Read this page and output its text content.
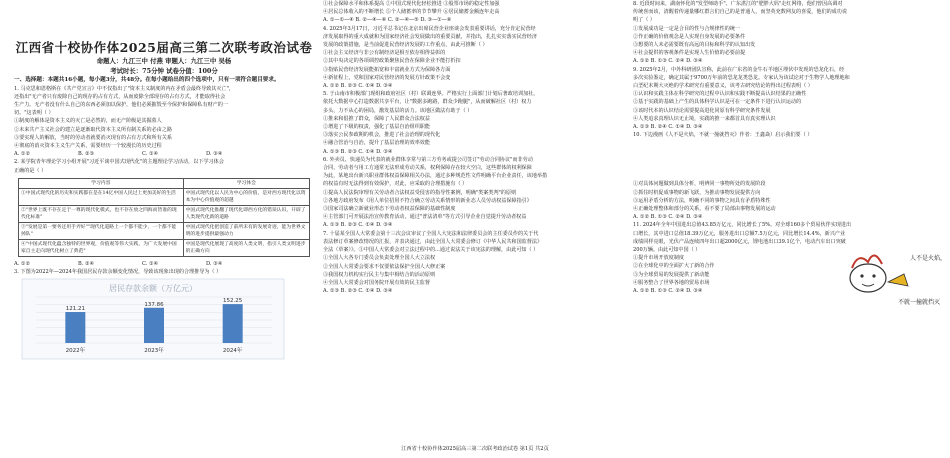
江西省十校协作体2025届高三第二次联考政治试卷
命题人：九江三中 付燕 审题人：九江三中 吴杨
考试时长：75分钟 试卷分值：100分
一、选择题：本题共16小题，每小题3分，共48分。在每小题给出的四个选项中，只有一项符合题目要求。
1. 马克思和恩格斯在《共产党宣言》中不仅指出了"资本主义制度的内在矛盾会最终导致其灭亡"，
还指出"无产者只有废除自己的现存的占有方式，从而废除全部现存的占有方式，才能取得社会
生产力。无产者没有什么自己的东西必须加以保护，他们必须摧毁至今保护和保障私有财产的一
切。"这表明（ ）
①制度的解体是资本主义的灭亡是必然的，而无产阶级是其掘墓人
②未来共产主义社会的建立是逐渐取代资本主义所有制关系的必由之路
③要实现人的解放，当时的劳动者就要消灭现有的占有方式和所有关系
④彻底的消灭资本主义生产关系，需要经历一个较漫长的历史过程
A. ①②	B. ②③	C. ①④	D. ③④
2. 某学院青年理论学习小组开展"习近平谈中国式现代化"的主题理论学习活动，以下学习体会
正确的是（ ）
学习内容	学习体会
①中国式现代化的历史和实践都在是在14亿中国人民过上更加美好的生活	中国式现代化以人民为中心的价值，是对西方现代化以资本为中心价值观的超越
②"世界上既不存在定于一尊的现代化模式，也不存在放之四海而皆准的现代化标准"	中国式现代化推翻了现代化即西方化的错误认识，开辟了人类现代化新的道路
③"发展是第一要务还用手弄好""现代化道路上一个都不能少，一个都不能掉队"	中国式现代化把创造了前所未有的发展奇迹，能为世界文明的进步提供最强动力
④"中国式现代化蕴含独特的世界观，价值观等伟大实践，为广大发展中国家自主走向现代化树立了典范"	中国是现代化展现了高度的人类文明，指引人类文明进步的正确方向
A. ①②	B. ②④	C. ①④	D. ③④
3. 下图为2022年—2024年我国居民存款余额变化情况，导致该现象出现的合理推导为（ ）
居民存款余额（万亿元）
121.21
2022年
137.86
2023年
152.25
2024年
①社会保障水平和体系提高 ②中国式现代化轻松推进 ③股票市场的稳定性加强
④居民总体收入的不断增长 ⑤个人储蓄率的节节攀升 ⑥居民储蓄金额连年走高
A. ①—①—④ B. ②—④—⑥ C. ②—④—⑤ D. ③—①—⑥
4. 2025年3月17日，习近平总书记在北京出席民营企业座谈会发表重要讲话，充分肯定民营经
济发展取得的重大成就和为国家经济社会发展做出的重要贡献，并指出，扎扎实实落实民营经济
发展的政策措施，是当前促进民营经济发展的工作重点，由此可推断（ ）
①社会主义经济与非公有制经济是相互依存相得益彰的
②其中央决定的各项调控政策聚焦民营在保障企业不能打折扣
③指贴民营经济发展能拓宽和丰富就业方式为保障各方面
④新征程上，党和国家对民营经济的发展方针政策不会变
A. ①② B. ②③ C. ①④ D. ③④
5. 于山南市积极部门现组和政府社区（村）联调连界。严格实行上面部门计划后著政培训加社。
依托大数据中心打造数据共享平台，让"数据多跑路，群众少跑腿"，从而破解社区（村）权力
多头，力不从心的困局，激发基层的活力。该地区做法有助于（ ）
①推来和倡推了群众，保障了人民群众合法权益
②增进了下级的权责，强化了基层自治组织职能
③落实公民参政期的机会，推进了社会治理的现代化
④融合管治与自治，提升了基层治理的效率效能
A. ①③ B. ②③ C. ①④ D. ③④
6. 外卖员、快递员为代表的就业群体享常与第三方劳务或提公司签订"劳动合同协议"而非劳动
合同，劳动者与用工方通常无法形成劳动关系，权利保障存在较大空白，这些群体的权利保障
为此，某地出台新兴职业群体权益保障相关办法，通过多种规范性文件明确平台企业责任，该地举措
的权益有时无法得到有效保护，对此，应采取的合理措施有（ ）
①提高人民法院审理有关劳动者合法权益受侵害的指导性案例，明确"类案类判"的原则
②各地方政府发布《用人单位招用不符合确立劳动关系情形的新业态人员劳动权益保障指引》
③国家司法确立新就业形态下劳动者权益保障的基础性制度
④主管部门可开展法治宣传教育活动，通过"普法清单"等方式引导企业自觉提升劳动者权益
A. ①③ B. ②③ C. ①④ D. ③④
7. 十届某全国人大常委会第十三次会议审议了全国人大宪法和法律委员会的主任委员作的关于代
表法修订草案修改情况的汇报，并表决通过，由此全国人大常委会修订《中华人民共和国监督法》
全法（草案）》。③中国人大常委会对立法过程中的...通过说法关于该宪法的理解，由此可知（ ）
①全国人大各专门委员会负责处理全国人大立法权
②全国人大常委会要求不仅要依法保护全国人大修正案
③我国权力机构实行民主与集中相结合的活动原则
④全国人大常委会对国务院开展有效的民主监督
A. ①③ B. ②③ C. ①④ D. ③④
8. 近段时间来，湖南怀化的"发型师助手"、广东湛江的"肥胖大妈"走红网络，他们曾因高调对
传统喜而该，清醒着传递量哪红群言们自己的是普通人，而坚英充数网友的喜爱，他们的成功说
明了（ ）
①发展成功是一定是合目的性与合规律性的统一
②作正确的价值观念是人实现自身发展的必要条件
③想要的人未必需要既有高远的目标和科学的认知出发
④社会提供的客观条件是实现人生价值的必要前提
A. ①② B. ①③ C. ②④ D. ③④
9. 2025年2月，中外科研团队宣称，此前在广东省的金牛石羊地区埋伏中发现的恐龙化石，经
多次实验鉴定，确定其属于9700万年前的恐龙龙类恐龙。专家认为该试论对于生物学人地理地和
白垩纪末期大灭绝的学术研究有重要意义，该考古研究结论的得出过程表明（ ）
①认识和实践主体在科学研究的过程中认识和实践不断提高认识结果的正确性
②基于实践的基础上产生的具体科学认识是可在一定条件下进行认识运动的
③该时代本的认识结论需要提高进化同原有科学研究条件发展
④人类追求真理认识无止境，实践的推一来都首具有真实理认识
A. ①③ B. ②④ C. ①④ D. ③④
10. 下边漫画《人不是火焰，不就一撞就挡灭》作者：王鑫焱）启示我们要（ ）
①对具体问题做到具体分析，明辨同一事物所处的发展阶段
②抓住时机促成事物的新飞跃，为推动事物发展提供方向
③运用矛盾分析的方法，明确不同的事物之间具有矛盾特殊性
④正确处理整体和部分的关系，看不要了局部由事物发展的运动
A. ①② B. ①③ C. ②④ D. ③④
11. 2024年全年中国进出总值43.85万亿元，同比增长了5%。对全球160多个贸易伙伴实现进出
口增长，其中进口总值18.39万亿元，服务进出口总额7.5万亿元，同比增长14.4%，新兴产业
成绩同样亮眼，光伏产品连续四年出口超2000亿元，锂电池出口39.1亿个，电动汽车出口突破
200万辆。由此可知中国（ ）
①提升市场开放度制度
②在全球化中的全面扩大了新的合作
③为全球贸易的发展提供了新动能
④服务整合了世界各地的贸易市场
A. ①② B. ①③ C. ②④ D. ③④
人不是火焰，
不就一撞就挡灭
江西省十校协作体2025届高三第二次联考政治试卷 第1页 共2页
